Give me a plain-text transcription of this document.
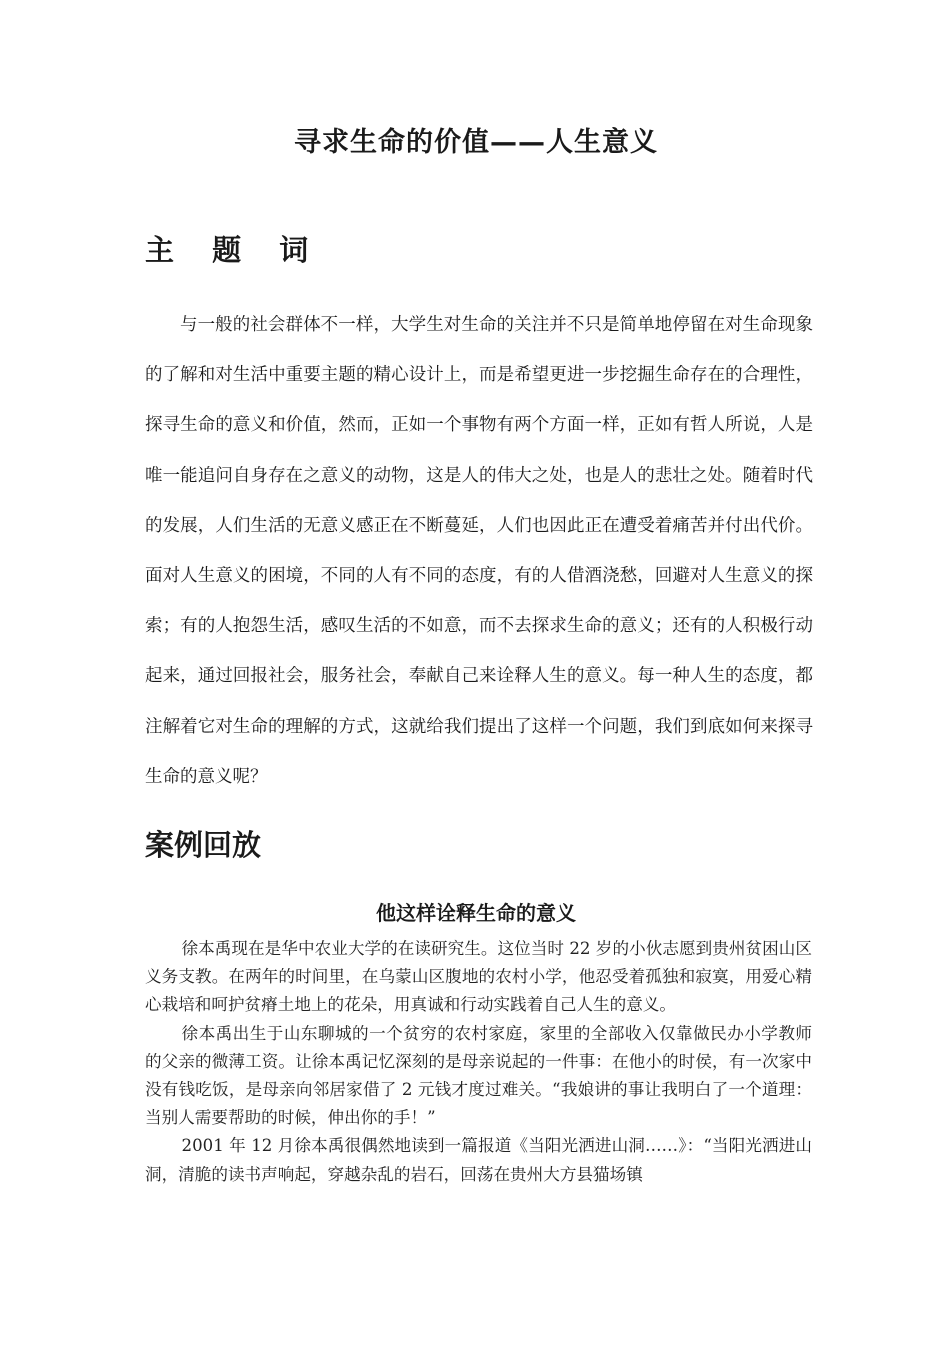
寻求生命的价值——人生意义
主 题 词

与一般的社会群体不一样，大学生对生命的关注并不只是简单地停留在对生命现象的了解和对生活中重要主题的精心设计上，而是希望更进一步挖掘生命存在的合理性，探寻生命的意义和价值，然而，正如一个事物有两个方面一样，正如有哲人所说，人是唯一能追问自身存在之意义的动物，这是人的伟大之处，也是人的悲壮之处。随着时代的发展，人们生活的无意义感正在不断蔓延，人们也因此正在遭受着痛苦并付出代价。面对人生意义的困境，不同的人有不同的态度，有的人借酒浇愁，回避对人生意义的探索；有的人抱怨生活，感叹生活的不如意，而不去探求生命的意义；还有的人积极行动起来，通过回报社会，服务社会，奉献自己来诠释人生的意义。每一种人生的态度，都注解着它对生命的理解的方式，这就给我们提出了这样一个问题，我们到底如何来探寻生命的意义呢？

案例回放
他这样诠释生命的意义

徐本禹现在是华中农业大学的在读研究生。这位当时 22 岁的小伙志愿到贵州贫困山区义务支教。在两年的时间里，在乌蒙山区腹地的农村小学，他忍受着孤独和寂寞，用爱心精心栽培和呵护贫瘠土地上的花朵，用真诚和行动实践着自己人生的意义。

徐本禹出生于山东聊城的一个贫穷的农村家庭，家里的全部收入仅靠做民办小学教师的父亲的微薄工资。让徐本禹记忆深刻的是母亲说起的一件事：在他小的时侯，有一次家中没有钱吃饭，是母亲向邻居家借了 2 元钱才度过难关。“我娘讲的事让我明白了一个道理：当别人需要帮助的时候，伸出你的手！”

2001 年 12 月徐本禹很偶然地读到一篇报道《当阳光洒进山洞……》：“当阳光洒进山洞，清脆的读书声响起，穿越杂乱的岩石，回荡在贵州大方县猫场镇
